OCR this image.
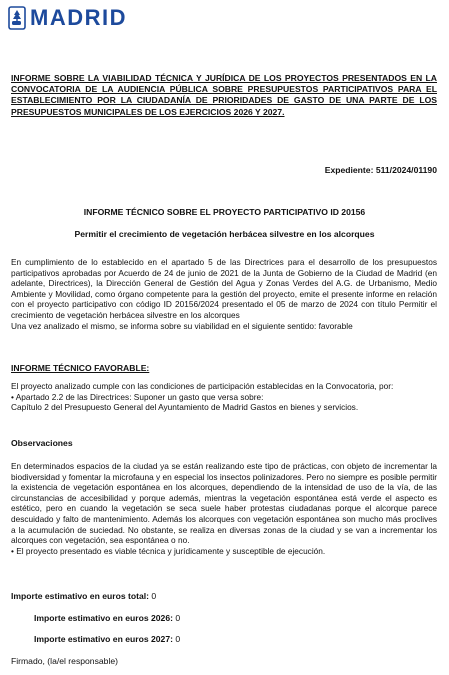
MADRID
INFORME SOBRE LA VIABILIDAD TÉCNICA Y JURÍDICA DE LOS PROYECTOS PRESENTADOS EN LA CONVOCATORIA DE LA AUDIENCIA PÚBLICA SOBRE PRESUPUESTOS PARTICIPATIVOS PARA EL ESTABLECIMIENTO POR LA CIUDADANÍA DE PRIORIDADES DE GASTO DE UNA PARTE DE LOS PRESUPUESTOS MUNICIPALES DE LOS EJERCICIOS 2026 Y 2027.
Expediente: 511/2024/01190
INFORME TÉCNICO SOBRE EL PROYECTO PARTICIPATIVO ID 20156
Permitir el crecimiento de vegetación herbácea silvestre en los alcorques
En cumplimiento de lo establecido en el apartado 5 de las Directrices para el desarrollo de los presupuestos participativos aprobadas por Acuerdo de 24 de junio de 2021 de la Junta de Gobierno de la Ciudad de Madrid (en adelante, Directrices), la Dirección General de Gestión del Agua y Zonas Verdes del A.G. de Urbanismo, Medio Ambiente y Movilidad, como órgano competente para la gestión del proyecto, emite el presente informe en relación con el proyecto participativo con código ID 20156/2024 presentado el 05 de marzo de 2024 con título Permitir el crecimiento de vegetación herbácea silvestre en los alcorques
Una vez analizado el mismo, se informa sobre su viabilidad en el siguiente sentido: favorable
INFORME TÉCNICO FAVORABLE:
El proyecto analizado cumple con las condiciones de participación establecidas en la Convocatoria, por:
• Apartado 2.2 de las Directrices: Suponer un gasto que versa sobre:
Capítulo 2 del Presupuesto General del Ayuntamiento de Madrid Gastos en bienes y servicios.
Observaciones
En determinados espacios de la ciudad ya se están realizando este tipo de prácticas, con objeto de incrementar la biodiversidad y fomentar la microfauna y en especial los insectos polinizadores. Pero no siempre es posible permitir la existencia de vegetación espontánea en los alcorques, dependiendo de la intensidad de uso de la vía, de las circunstancias de accesibilidad y porque además, mientras la vegetación espontánea está verde el aspecto es estético, pero en cuando la vegetación se seca suele haber protestas ciudadanas porque el alcorque parece descuidado y falto de mantenimiento. Además los alcorques con vegetación espontánea son mucho más proclives a la acumulación de suciedad. No obstante, se realiza en diversas zonas de la ciudad y se van a incrementar los alcorques con vegetación, sea espontánea o no.
• El proyecto presentado es viable técnica y jurídicamente y susceptible de ejecución.
Importe estimativo en euros total: 0
Importe estimativo en euros 2026: 0
Importe estimativo en euros 2027: 0
Firmado, (la/el responsable)
